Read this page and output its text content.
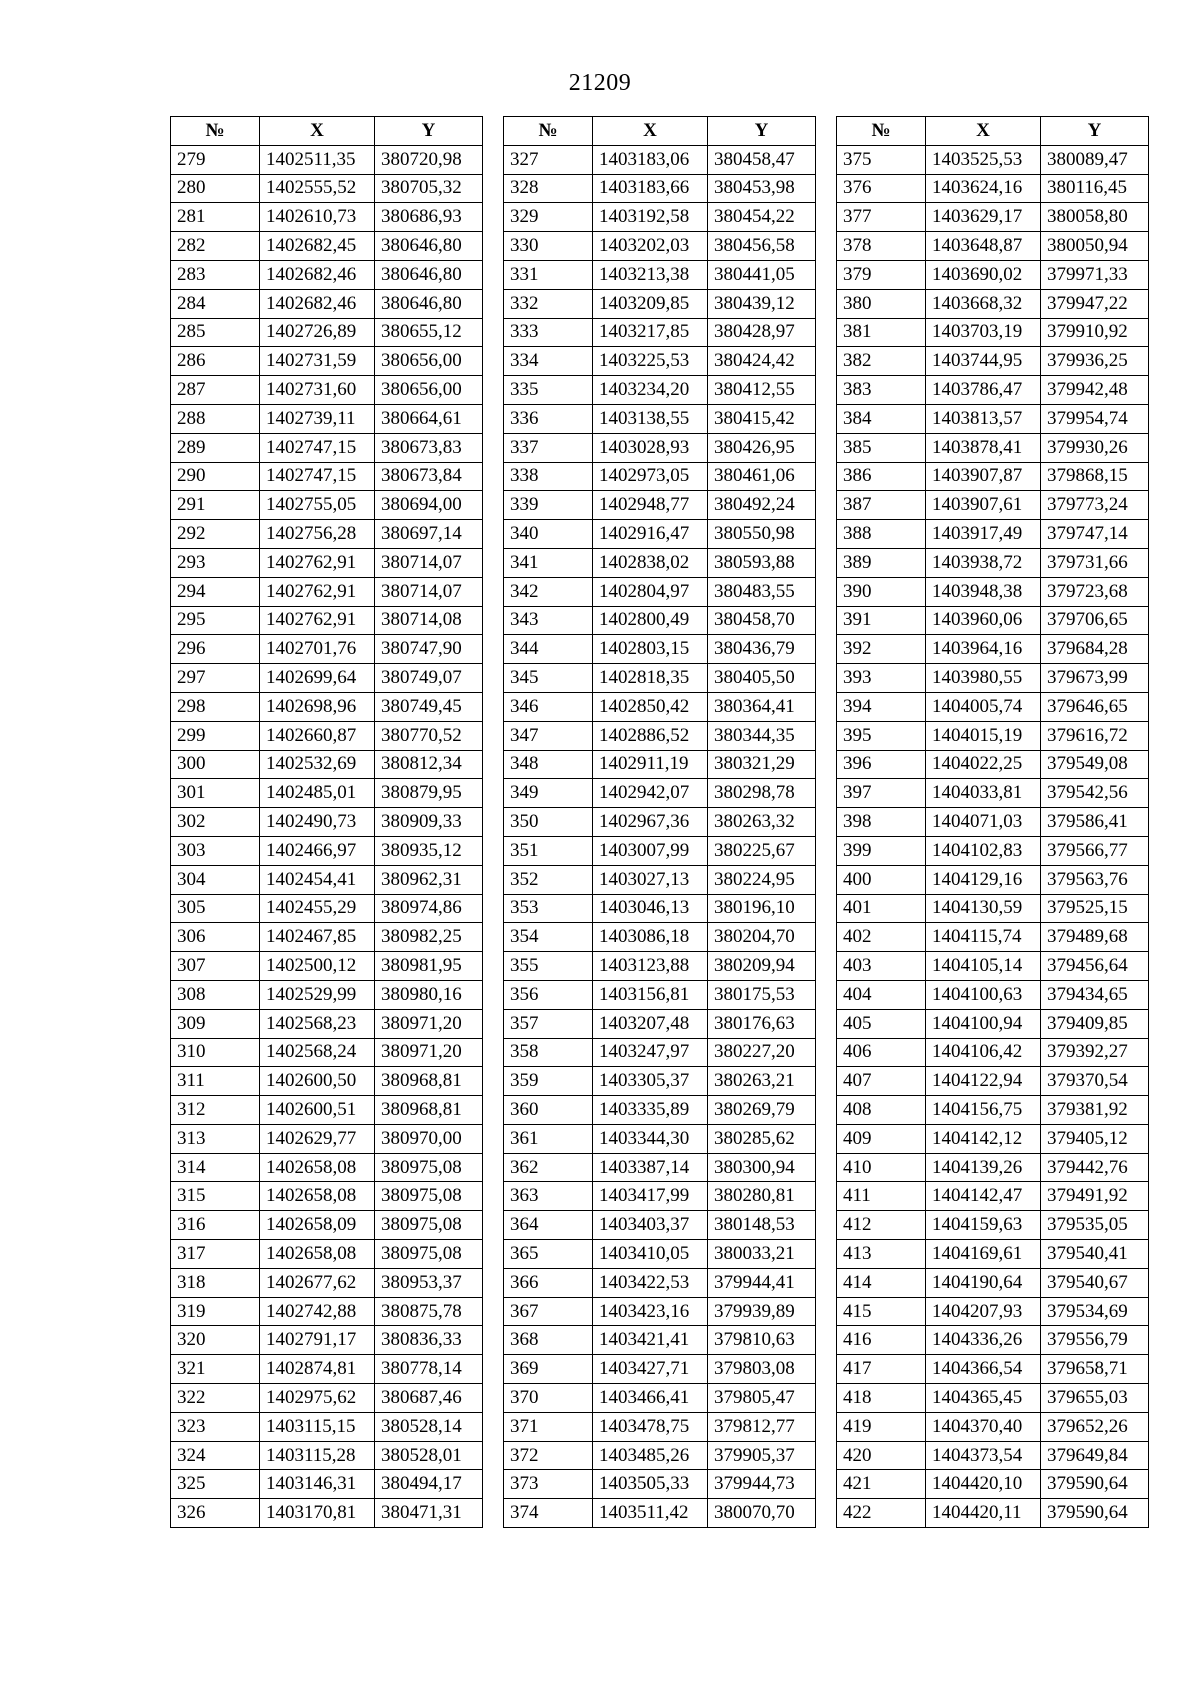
21209
№	X	Y
279	1402511,35	380720,98
280	1402555,52	380705,32
281	1402610,73	380686,93
282	1402682,45	380646,80
283	1402682,46	380646,80
284	1402682,46	380646,80
285	1402726,89	380655,12
286	1402731,59	380656,00
287	1402731,60	380656,00
288	1402739,11	380664,61
289	1402747,15	380673,83
290	1402747,15	380673,84
291	1402755,05	380694,00
292	1402756,28	380697,14
293	1402762,91	380714,07
294	1402762,91	380714,07
295	1402762,91	380714,08
296	1402701,76	380747,90
297	1402699,64	380749,07
298	1402698,96	380749,45
299	1402660,87	380770,52
300	1402532,69	380812,34
301	1402485,01	380879,95
302	1402490,73	380909,33
303	1402466,97	380935,12
304	1402454,41	380962,31
305	1402455,29	380974,86
306	1402467,85	380982,25
307	1402500,12	380981,95
308	1402529,99	380980,16
309	1402568,23	380971,20
310	1402568,24	380971,20
311	1402600,50	380968,81
312	1402600,51	380968,81
313	1402629,77	380970,00
314	1402658,08	380975,08
315	1402658,08	380975,08
316	1402658,09	380975,08
317	1402658,08	380975,08
318	1402677,62	380953,37
319	1402742,88	380875,78
320	1402791,17	380836,33
321	1402874,81	380778,14
322	1402975,62	380687,46
323	1403115,15	380528,14
324	1403115,28	380528,01
325	1403146,31	380494,17
326	1403170,81	380471,31
№	X	Y
327	1403183,06	380458,47
328	1403183,66	380453,98
329	1403192,58	380454,22
330	1403202,03	380456,58
331	1403213,38	380441,05
332	1403209,85	380439,12
333	1403217,85	380428,97
334	1403225,53	380424,42
335	1403234,20	380412,55
336	1403138,55	380415,42
337	1403028,93	380426,95
338	1402973,05	380461,06
339	1402948,77	380492,24
340	1402916,47	380550,98
341	1402838,02	380593,88
342	1402804,97	380483,55
343	1402800,49	380458,70
344	1402803,15	380436,79
345	1402818,35	380405,50
346	1402850,42	380364,41
347	1402886,52	380344,35
348	1402911,19	380321,29
349	1402942,07	380298,78
350	1402967,36	380263,32
351	1403007,99	380225,67
352	1403027,13	380224,95
353	1403046,13	380196,10
354	1403086,18	380204,70
355	1403123,88	380209,94
356	1403156,81	380175,53
357	1403207,48	380176,63
358	1403247,97	380227,20
359	1403305,37	380263,21
360	1403335,89	380269,79
361	1403344,30	380285,62
362	1403387,14	380300,94
363	1403417,99	380280,81
364	1403403,37	380148,53
365	1403410,05	380033,21
366	1403422,53	379944,41
367	1403423,16	379939,89
368	1403421,41	379810,63
369	1403427,71	379803,08
370	1403466,41	379805,47
371	1403478,75	379812,77
372	1403485,26	379905,37
373	1403505,33	379944,73
374	1403511,42	380070,70
№	X	Y
375	1403525,53	380089,47
376	1403624,16	380116,45
377	1403629,17	380058,80
378	1403648,87	380050,94
379	1403690,02	379971,33
380	1403668,32	379947,22
381	1403703,19	379910,92
382	1403744,95	379936,25
383	1403786,47	379942,48
384	1403813,57	379954,74
385	1403878,41	379930,26
386	1403907,87	379868,15
387	1403907,61	379773,24
388	1403917,49	379747,14
389	1403938,72	379731,66
390	1403948,38	379723,68
391	1403960,06	379706,65
392	1403964,16	379684,28
393	1403980,55	379673,99
394	1404005,74	379646,65
395	1404015,19	379616,72
396	1404022,25	379549,08
397	1404033,81	379542,56
398	1404071,03	379586,41
399	1404102,83	379566,77
400	1404129,16	379563,76
401	1404130,59	379525,15
402	1404115,74	379489,68
403	1404105,14	379456,64
404	1404100,63	379434,65
405	1404100,94	379409,85
406	1404106,42	379392,27
407	1404122,94	379370,54
408	1404156,75	379381,92
409	1404142,12	379405,12
410	1404139,26	379442,76
411	1404142,47	379491,92
412	1404159,63	379535,05
413	1404169,61	379540,41
414	1404190,64	379540,67
415	1404207,93	379534,69
416	1404336,26	379556,79
417	1404366,54	379658,71
418	1404365,45	379655,03
419	1404370,40	379652,26
420	1404373,54	379649,84
421	1404420,10	379590,64
422	1404420,11	379590,64
